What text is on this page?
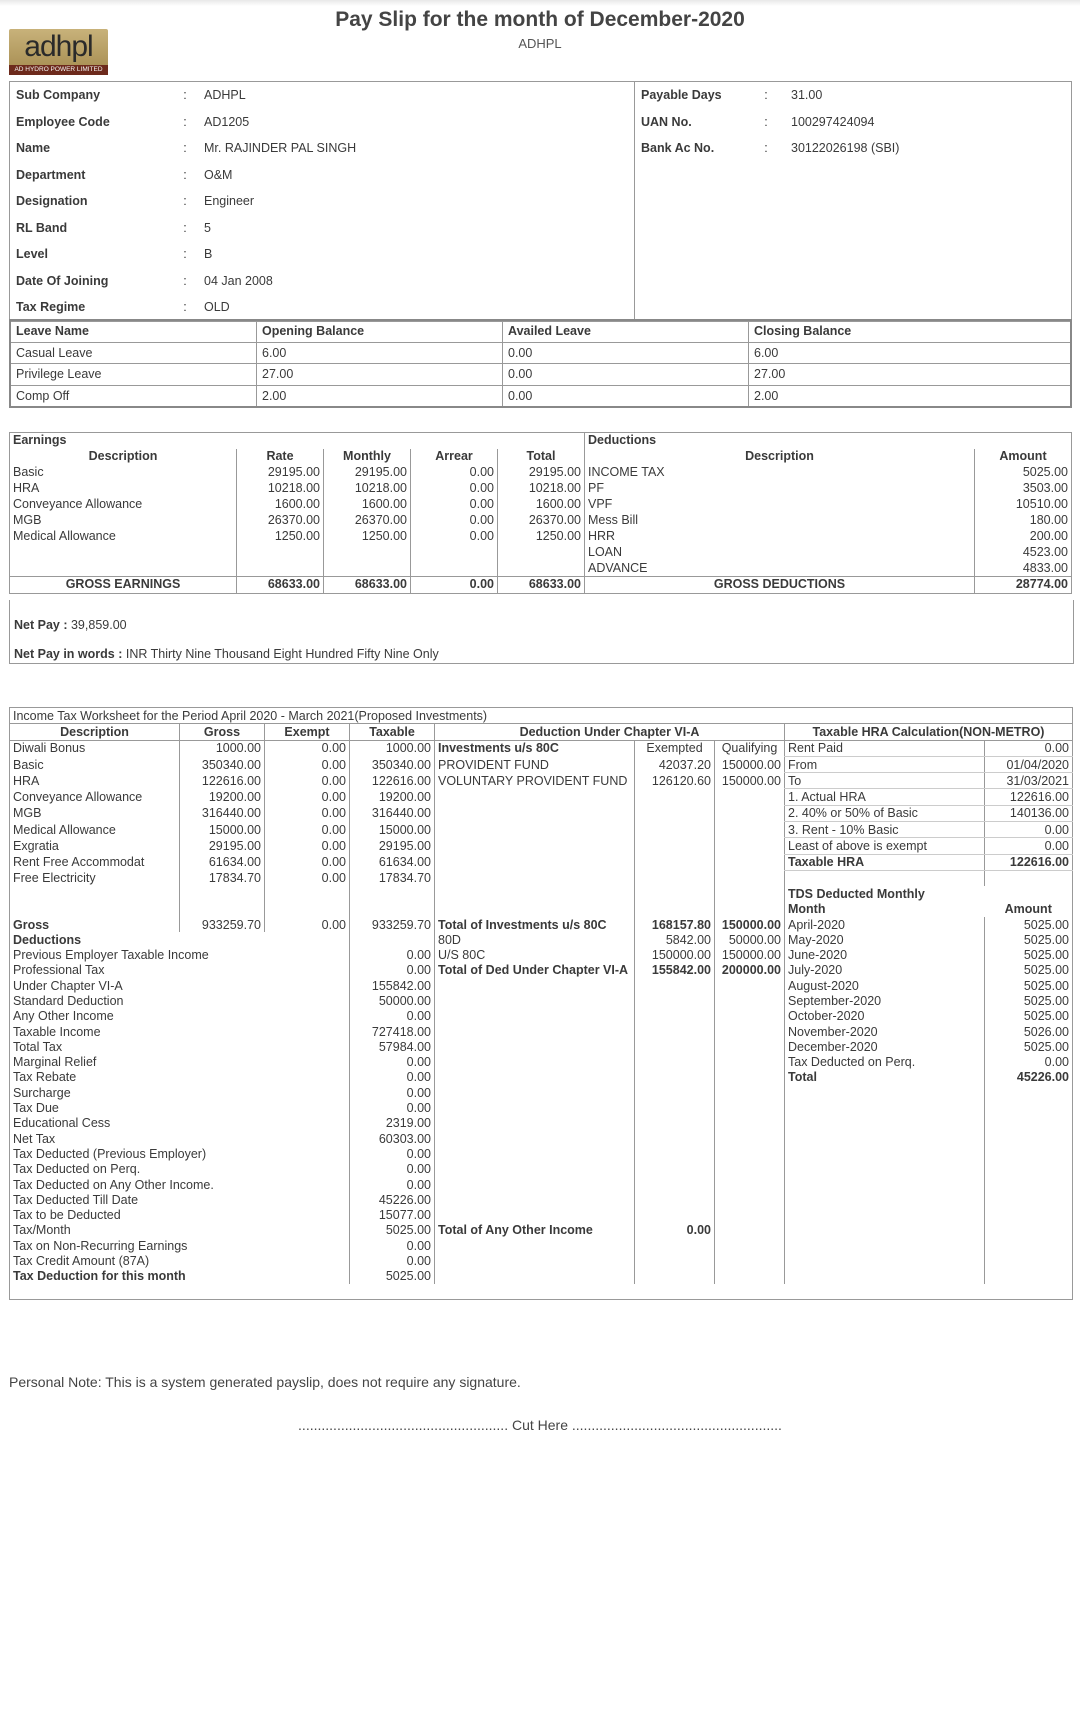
Pay Slip for the month of December-2020
ADHPL
adhpl
AD HYDRO POWER LIMITED
Sub Company	:	ADHPL	Payable Days	:	31.00
Employee Code	:	AD1205	UAN No.	:	100297424094
Name	:	Mr. RAJINDER PAL SINGH	Bank Ac No.	:	30122026198 (SBI)
Department	:	O&M			
Designation	:	Engineer			
RL Band	:	5			
Level	:	B			
Date Of Joining	:	04 Jan 2008			
Tax Regime	:	OLD			
Leave Name	Opening Balance	Availed Leave	Closing Balance
Casual Leave	6.00	0.00	6.00
Privilege Leave	27.00	0.00	27.00
Comp Off	2.00	0.00	2.00
Earnings					Deductions	
Description	Rate	Monthly	Arrear	Total	Description	Amount
Basic	29195.00	29195.00	0.00	29195.00	INCOME TAX	5025.00
HRA	10218.00	10218.00	0.00	10218.00	PF	3503.00
Conveyance Allowance	1600.00	1600.00	0.00	1600.00	VPF	10510.00
MGB	26370.00	26370.00	0.00	26370.00	Mess Bill	180.00
Medical Allowance	1250.00	1250.00	0.00	1250.00	HRR	200.00
					LOAN	4523.00
					ADVANCE	4833.00
GROSS EARNINGS	68633.00	68633.00	0.00	68633.00	GROSS DEDUCTIONS	28774.00
Net Pay : 39,859.00
Net Pay in words : INR Thirty Nine Thousand Eight Hundred Fifty Nine Only
Income Tax Worksheet for the Period April 2020 - March 2021(Proposed Investments)								
Description	Gross	Exempt	Taxable	Deduction Under Chapter VI-A			Taxable HRA Calculation(NON-METRO)	
Diwali Bonus	1000.00	0.00	1000.00	Investments u/s 80C	Exempted	Qualifying	Rent Paid	0.00
Basic	350340.00	0.00	350340.00	PROVIDENT FUND	42037.20	150000.00	From	01/04/2020
HRA	122616.00	0.00	122616.00	VOLUNTARY PROVIDENT FUND	126120.60	150000.00	To	31/03/2021
Conveyance Allowance	19200.00	0.00	19200.00				1. Actual HRA	122616.00
MGB	316440.00	0.00	316440.00				2. 40% or 50% of Basic	140136.00
Medical Allowance	15000.00	0.00	15000.00				3. Rent - 10% Basic	0.00
Exgratia	29195.00	0.00	29195.00				Least of above is exempt	0.00
Rent Free Accommodat	61634.00	0.00	61634.00				Taxable HRA	122616.00
Free Electricity	17834.70	0.00	17834.70					
							TDS Deducted Monthly	
							Month	Amount
Gross	933259.70	0.00	933259.70	Total of Investments u/s 80C	168157.80	150000.00	April-2020	5025.00
Deductions				80D	5842.00	50000.00	May-2020	5025.00
Previous Employer Taxable Income			0.00	U/S 80C	150000.00	150000.00	June-2020	5025.00
Professional Tax			0.00	Total of Ded Under Chapter VI-A	155842.00	200000.00	July-2020	5025.00
Under Chapter VI-A			155842.00				August-2020	5025.00
Standard Deduction			50000.00				September-2020	5025.00
Any Other Income			0.00				October-2020	5025.00
Taxable Income			727418.00				November-2020	5026.00
Total Tax			57984.00				December-2020	5025.00
Marginal Relief			0.00				Tax Deducted on Perq.	0.00
Tax Rebate			0.00				Total	45226.00
Surcharge			0.00					
Tax Due			0.00					
Educational Cess			2319.00					
Net Tax			60303.00					
Tax Deducted (Previous Employer)			0.00					
Tax Deducted on Perq.			0.00					
Tax Deducted on Any Other Income.			0.00					
Tax Deducted Till Date			45226.00					
Tax to be Deducted			15077.00					
Tax/Month			5025.00	Total of Any Other Income	0.00			
Tax on Non-Recurring Earnings			0.00					
Tax Credit Amount (87A)			0.00					
Tax Deduction for this month			5025.00					

Personal Note: This is a system generated payslip, does not require any signature.
...................................................... Cut Here ......................................................
